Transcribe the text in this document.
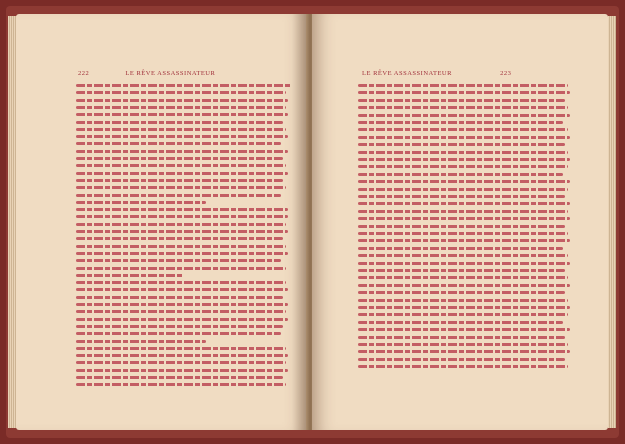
222	LE RÊVE ASSASSINATEUR	LE RÊVE ASSASSINATEUR	223
